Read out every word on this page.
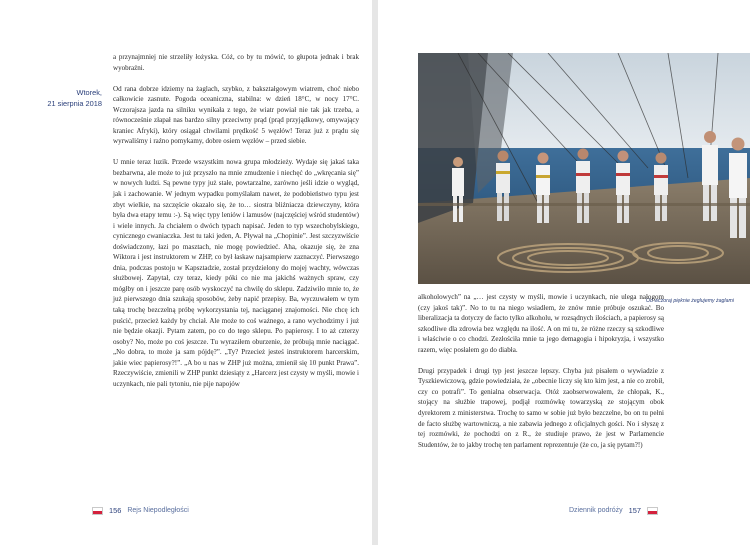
Wtorek,
21 sierpnia 2018

a przynajmniej nie strzeliły łożyska. Cóż, co by tu mówić, to głupota jednak i brak wyobraźni.

Od rana dobrze idziemy na żaglach, szybko, z bakształgowym wiatrem, choć niebo całkowicie zasnute. Pogoda oceaniczna, stabilna: w dzień 18°C, w nocy 17°C. Wczorajsza jazda na silniku wynikała z tego, że wiatr powiał nie tak jak trzeba, a równocześnie złapał nas bardzo silny przeciwny prąd (prąd przyjądkowy, omywający kraniec Afryki), który osiągał chwilami prędkość 5 węzłów! Teraz już z prądu się wyrwaliśmy i raźno pomykamy, dobre osiem węzłów – przed siebie.

U mnie teraz luzik. Przede wszystkim nowa grupa młodzieży. Wydaje się jakaś taka bezbarwna, ale może to już przyszło na mnie zmudzenie i niechęć do „wkręcania się” w nowych ludzi. Są pewne typy już stałe, powtarzalne, zarówno jeśli idzie o wygląd, jak i zachowanie. W jednym wypadku pomyślałam nawet, że podobieństwo typu jest zbyt wielkie, na szczęście okazało się, że to… siostra bliźniacza dziewczyny, która była dwa etapy temu :-). Są więc typy leniów i lamusów (najczęściej wśród studentów) i wiele innych. Ja chciałem o dwóch typach napisać. Jeden to typ wszechobylskiego, cynicznego cwaniaczka. Jest tu taki jeden, A. Pływał na „Chopinie”. Jest szczyzwiście doświadczony, łazi po masztach, nie mogę powiedzieć. Aha, okazuje się, że zna Wiktora i jest instruktorem w ZHP, co był łaskaw najsampierw zaznaczyć. Pierwszego dnia, podczas postoju w Kapsztadzie, został przydzielony do mojej wachty, wówczas służbowej. Zapytał, czy teraz, kiedy póki co nie ma jakichś ważnych spraw, czy mógłby on i jeszcze parę osób wyskoczyć na chwilę do sklepu. Zadziwiło mnie to, że już pierwszego dnia szukają sposobów, żeby napić przepisy. Ba, wyczuwałem w tym taką trochę bezczelną próbę wykorzystania tej, naciąganej znajomości. Nie chcę ich puścić, przecież każdy by chciał. Ale może to coś ważnego, a rano wychodzimy i już nie będzie okazji. Pytam zatem, po co do tego sklepu. Po papierosy. I to aż czterzy osoby? No, może po coś jeszcze. Tu wyraziłem oburzenie, że próbują mnie naciągać. „No dobra, to może ja sam pójdę?”. „Ty? Przecież jesteś instruktorem harcerskim, jakie wiec papierosy?!”. „A bo u nas w ZHP już można, zmienił się 10 punkt Prawa”. Rzeczywiście, zmienili w ZHP punkt dziesiąty z „Harcerz jest czysty w myśli, mowie i uczynkach, nie pali tytoniu, nie pije napojów

156 Rejs Niepodległości
Od wczoraj pięknie żeglujemy żaglami

alkoholowych” na „… jest czysty w myśli, mowie i uczynkach, nie ulega nałogom (czy jakoś tak)”. No to tu na niego wsiadłem, że znów mnie próbuje oszukać. Bo liberalizacja ta dotyczy de facto tylko alkoholu, w rozsądnych ilościach, a papierosy są szkodliwe dla zdrowia bez względu na ilość. A on mi tu, że różne rzeczy są szkodliwe i właściwie o co chodzi. Zezłościła mnie ta jego demagogia i hipokryzja, i wszystko razem, więc posłałem go do diabła.

Drugi przypadek i drugi typ jest jeszcze lepszy. Chyba już pisałem o wywiadzie z Tyszkiewiczową, gdzie powiedziała, że „obecnie liczy się kto kim jest, a nie co zrobił, czy co potrafi”. To genialna obserwacja. Otóż zaobserwowałem, że chłopak, K., stojący na służbie trapowej, podjął rozmówkę towarzyską ze stojącym obok dyrektorem z ministerstwa. Trochę to samo w sobie już było bezczelne, bo on tu pełni de facto służbę wartowniczą, a nie zabawia jednego z oficjalnych gości. No i słyszę z tej rozmówki, że pochodzi on z R., że studiuje prawo, że jest w Parlamencie Studentów, że to jakby trochę ten parlament reprezentuje (że co, ja się pytam?!)

Dziennik podróży 157
